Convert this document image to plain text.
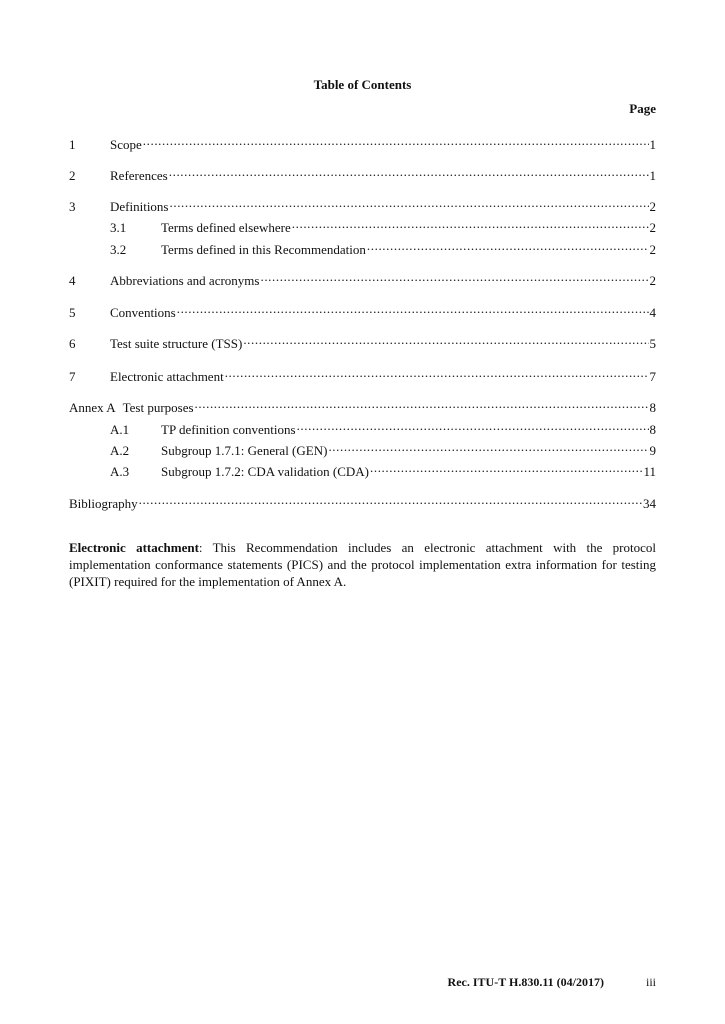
Table of Contents
Page
1	Scope .....	1
2	References .....	1
3	Definitions .....	2
3.1	Terms defined elsewhere .....	2
3.2	Terms defined in this Recommendation .....	2
4	Abbreviations and acronyms .....	2
5	Conventions .....	4
6	Test suite structure (TSS) .....	5
7	Electronic attachment .....	7
Annex A Test purposes .....	8
A.1	TP definition conventions .....	8
A.2	Subgroup 1.7.1: General (GEN) .....	9
A.3	Subgroup 1.7.2: CDA validation (CDA) .....	11
Bibliography .....	34
Electronic attachment: This Recommendation includes an electronic attachment with the protocol implementation conformance statements (PICS) and the protocol implementation extra information for testing (PIXIT) required for the implementation of Annex A.
Rec. ITU-T H.830.11 (04/2017)	iii
